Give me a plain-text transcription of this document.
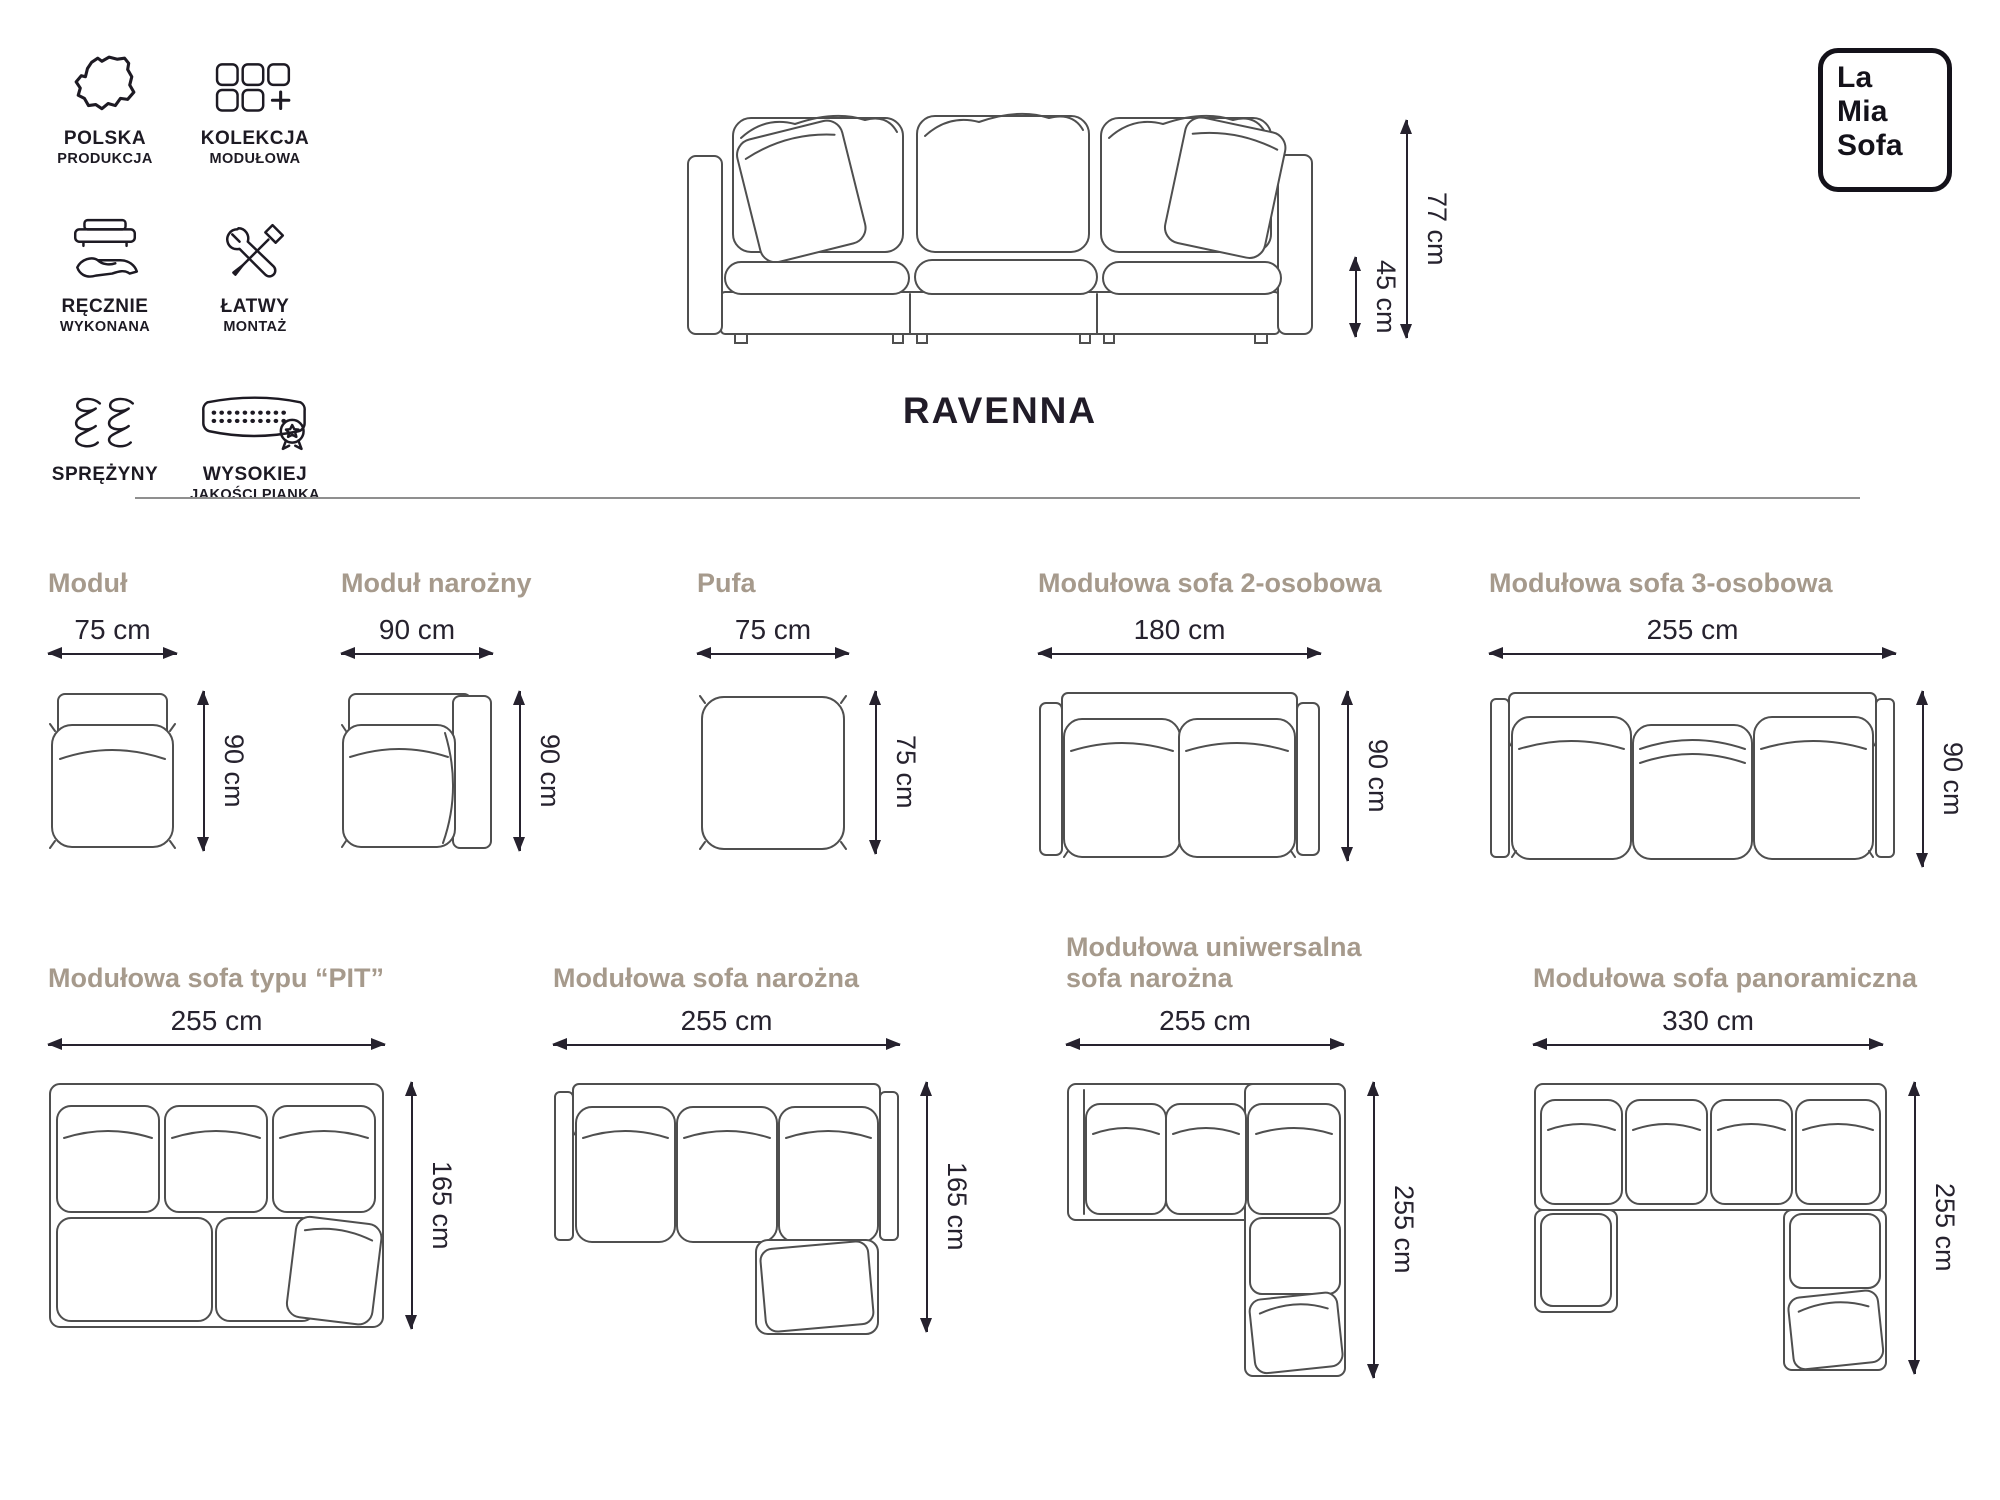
POLSKA
PRODUKCJA
KOLEKCJA
MODUŁOWA
RĘCZNIE
WYKONANA
ŁATWY
MONTAŻ
SPRĘŻYNY WYSOKIEJ
JAKOŚCI PIANKA
45 cm
77 cm
RAVENNA
La
Mia
Sofa
Moduł
75 cm
90 cm
Moduł narożny
90 cm
90 cm
Pufa
75 cm
75 cm
Modułowa sofa 2-osobowa
180 cm
90 cm
Modułowa sofa 3-osobowa
255 cm
90 cm
Modułowa sofa typu “PIT”
255 cm
165 cm
Modułowa sofa narożna
255 cm
165 cm
Modułowa uniwersalna
sofa narożna
255 cm
255 cm
Modułowa sofa panoramiczna
330 cm
255 cm
